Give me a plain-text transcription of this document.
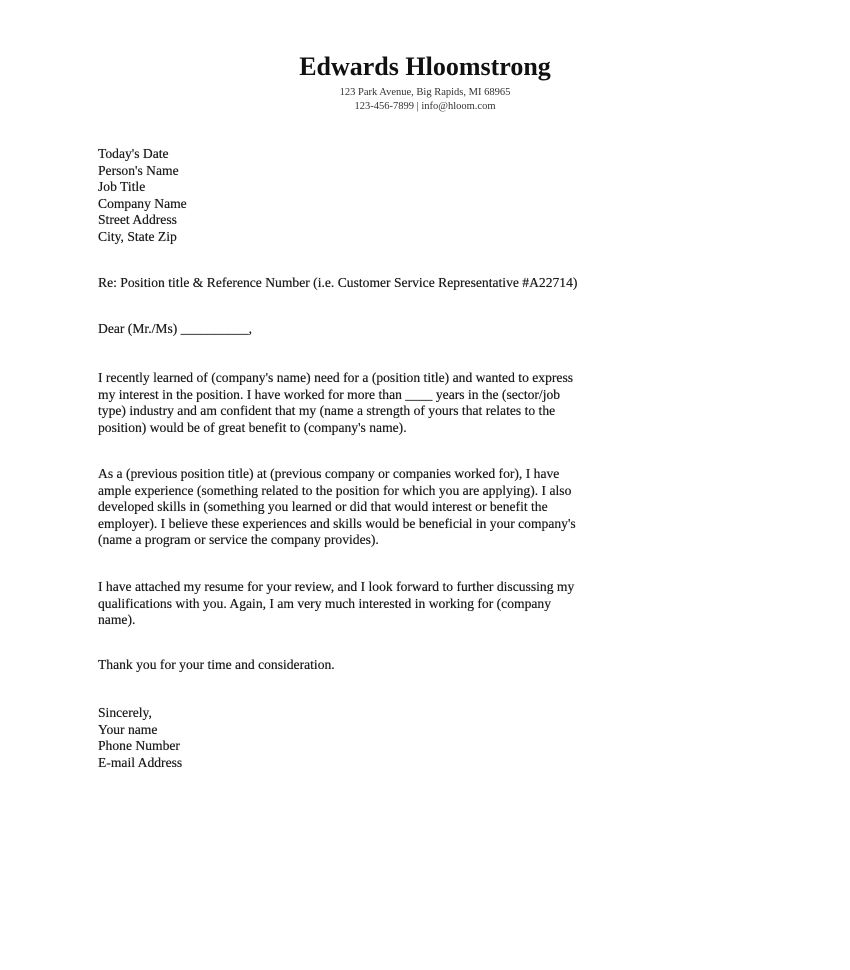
Edwards Hloomstrong
123 Park Avenue, Big Rapids, MI 68965
123-456-7899 | info@hloom.com
Today's Date
Person's Name
Job Title
Company Name
Street Address
City, State Zip
Re: Position title & Reference Number (i.e. Customer Service Representative #A22714)
Dear (Mr./Ms) __________,
I recently learned of (company's name) need for a (position title) and wanted to express
my interest in the position. I have worked for more than ____ years in the (sector/job
type) industry and am confident that my (name a strength of yours that relates to the
position) would be of great benefit to (company's name).
As a (previous position title) at (previous company or companies worked for), I have
ample experience (something related to the position for which you are applying). I also
developed skills in (something you learned or did that would interest or benefit the
employer). I believe these experiences and skills would be beneficial in your company's
(name a program or service the company provides).
I have attached my resume for your review, and I look forward to further discussing my
qualifications with you. Again, I am very much interested in working for (company
name).
Thank you for your time and consideration.
Sincerely,
Your name
Phone Number
E-mail Address
